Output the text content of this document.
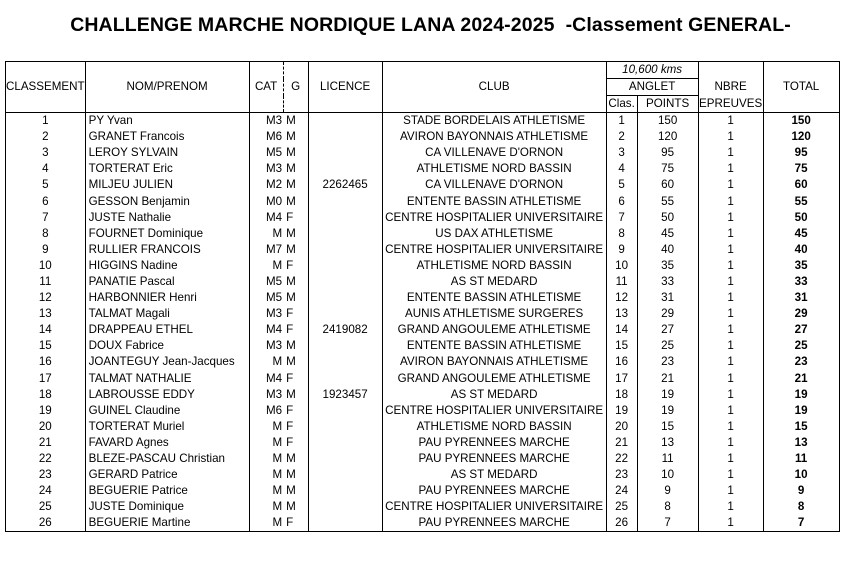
CHALLENGE MARCHE NORDIQUE LANA 2024-2025  -Classement GENERAL-
CLASSEMENT	NOM/PRENOM	CAT	G	LICENCE	CLUB	10,600 kms			TOTAL
						ANGLET		NBRE	
						Clas.	POINTS	EPREUVES	
1	PY Yvan	M3	M		STADE BORDELAIS ATHLETISME	1	150	1	150
2	GRANET Francois	M6	M		AVIRON BAYONNAIS ATHLETISME	2	120	1	120
3	LEROY SYLVAIN	M5	M		CA VILLENAVE D'ORNON	3	95	1	95
4	TORTERAT Eric	M3	M		ATHLETISME NORD BASSIN	4	75	1	75
5	MILJEU JULIEN	M2	M	2262465	CA VILLENAVE D'ORNON	5	60	1	60
6	GESSON Benjamin	M0	M		ENTENTE BASSIN ATHLETISME	6	55	1	55
7	JUSTE Nathalie	M4	F		CENTRE HOSPITALIER UNIVERSITAIRE	7	50	1	50
8	FOURNET Dominique	M	M		US DAX ATHLETISME	8	45	1	45
9	RULLIER FRANCOIS	M7	M		CENTRE HOSPITALIER UNIVERSITAIRE	9	40	1	40
10	HIGGINS Nadine	M	F		ATHLETISME NORD BASSIN	10	35	1	35
11	PANATIE Pascal	M5	M		AS ST MEDARD	11	33	1	33
12	HARBONNIER Henri	M5	M		ENTENTE BASSIN ATHLETISME	12	31	1	31
13	TALMAT Magali	M3	F		AUNIS ATHLETISME SURGERES	13	29	1	29
14	DRAPPEAU ETHEL	M4	F	2419082	GRAND ANGOULEME ATHLETISME	14	27	1	27
15	DOUX Fabrice	M3	M		ENTENTE BASSIN ATHLETISME	15	25	1	25
16	JOANTEGUY Jean-Jacques	M	M		AVIRON BAYONNAIS ATHLETISME	16	23	1	23
17	TALMAT NATHALIE	M4	F		GRAND ANGOULEME ATHLETISME	17	21	1	21
18	LABROUSSE EDDY	M3	M	1923457	AS ST MEDARD	18	19	1	19
19	GUINEL Claudine	M6	F		CENTRE HOSPITALIER UNIVERSITAIRE	19	19	1	19
20	TORTERAT Muriel	M	F		ATHLETISME NORD BASSIN	20	15	1	15
21	FAVARD Agnes	M	F		PAU PYRENNEES MARCHE	21	13	1	13
22	BLEZE-PASCAU Christian	M	M		PAU PYRENNEES MARCHE	22	11	1	11
23	GERARD Patrice	M	M		AS ST MEDARD	23	10	1	10
24	BEGUERIE Patrice	M	M		PAU PYRENNEES MARCHE	24	9	1	9
25	JUSTE Dominique	M	M		CENTRE HOSPITALIER UNIVERSITAIRE	25	8	1	8
26	BEGUERIE Martine	M	F		PAU PYRENNEES MARCHE	26	7	1	7
